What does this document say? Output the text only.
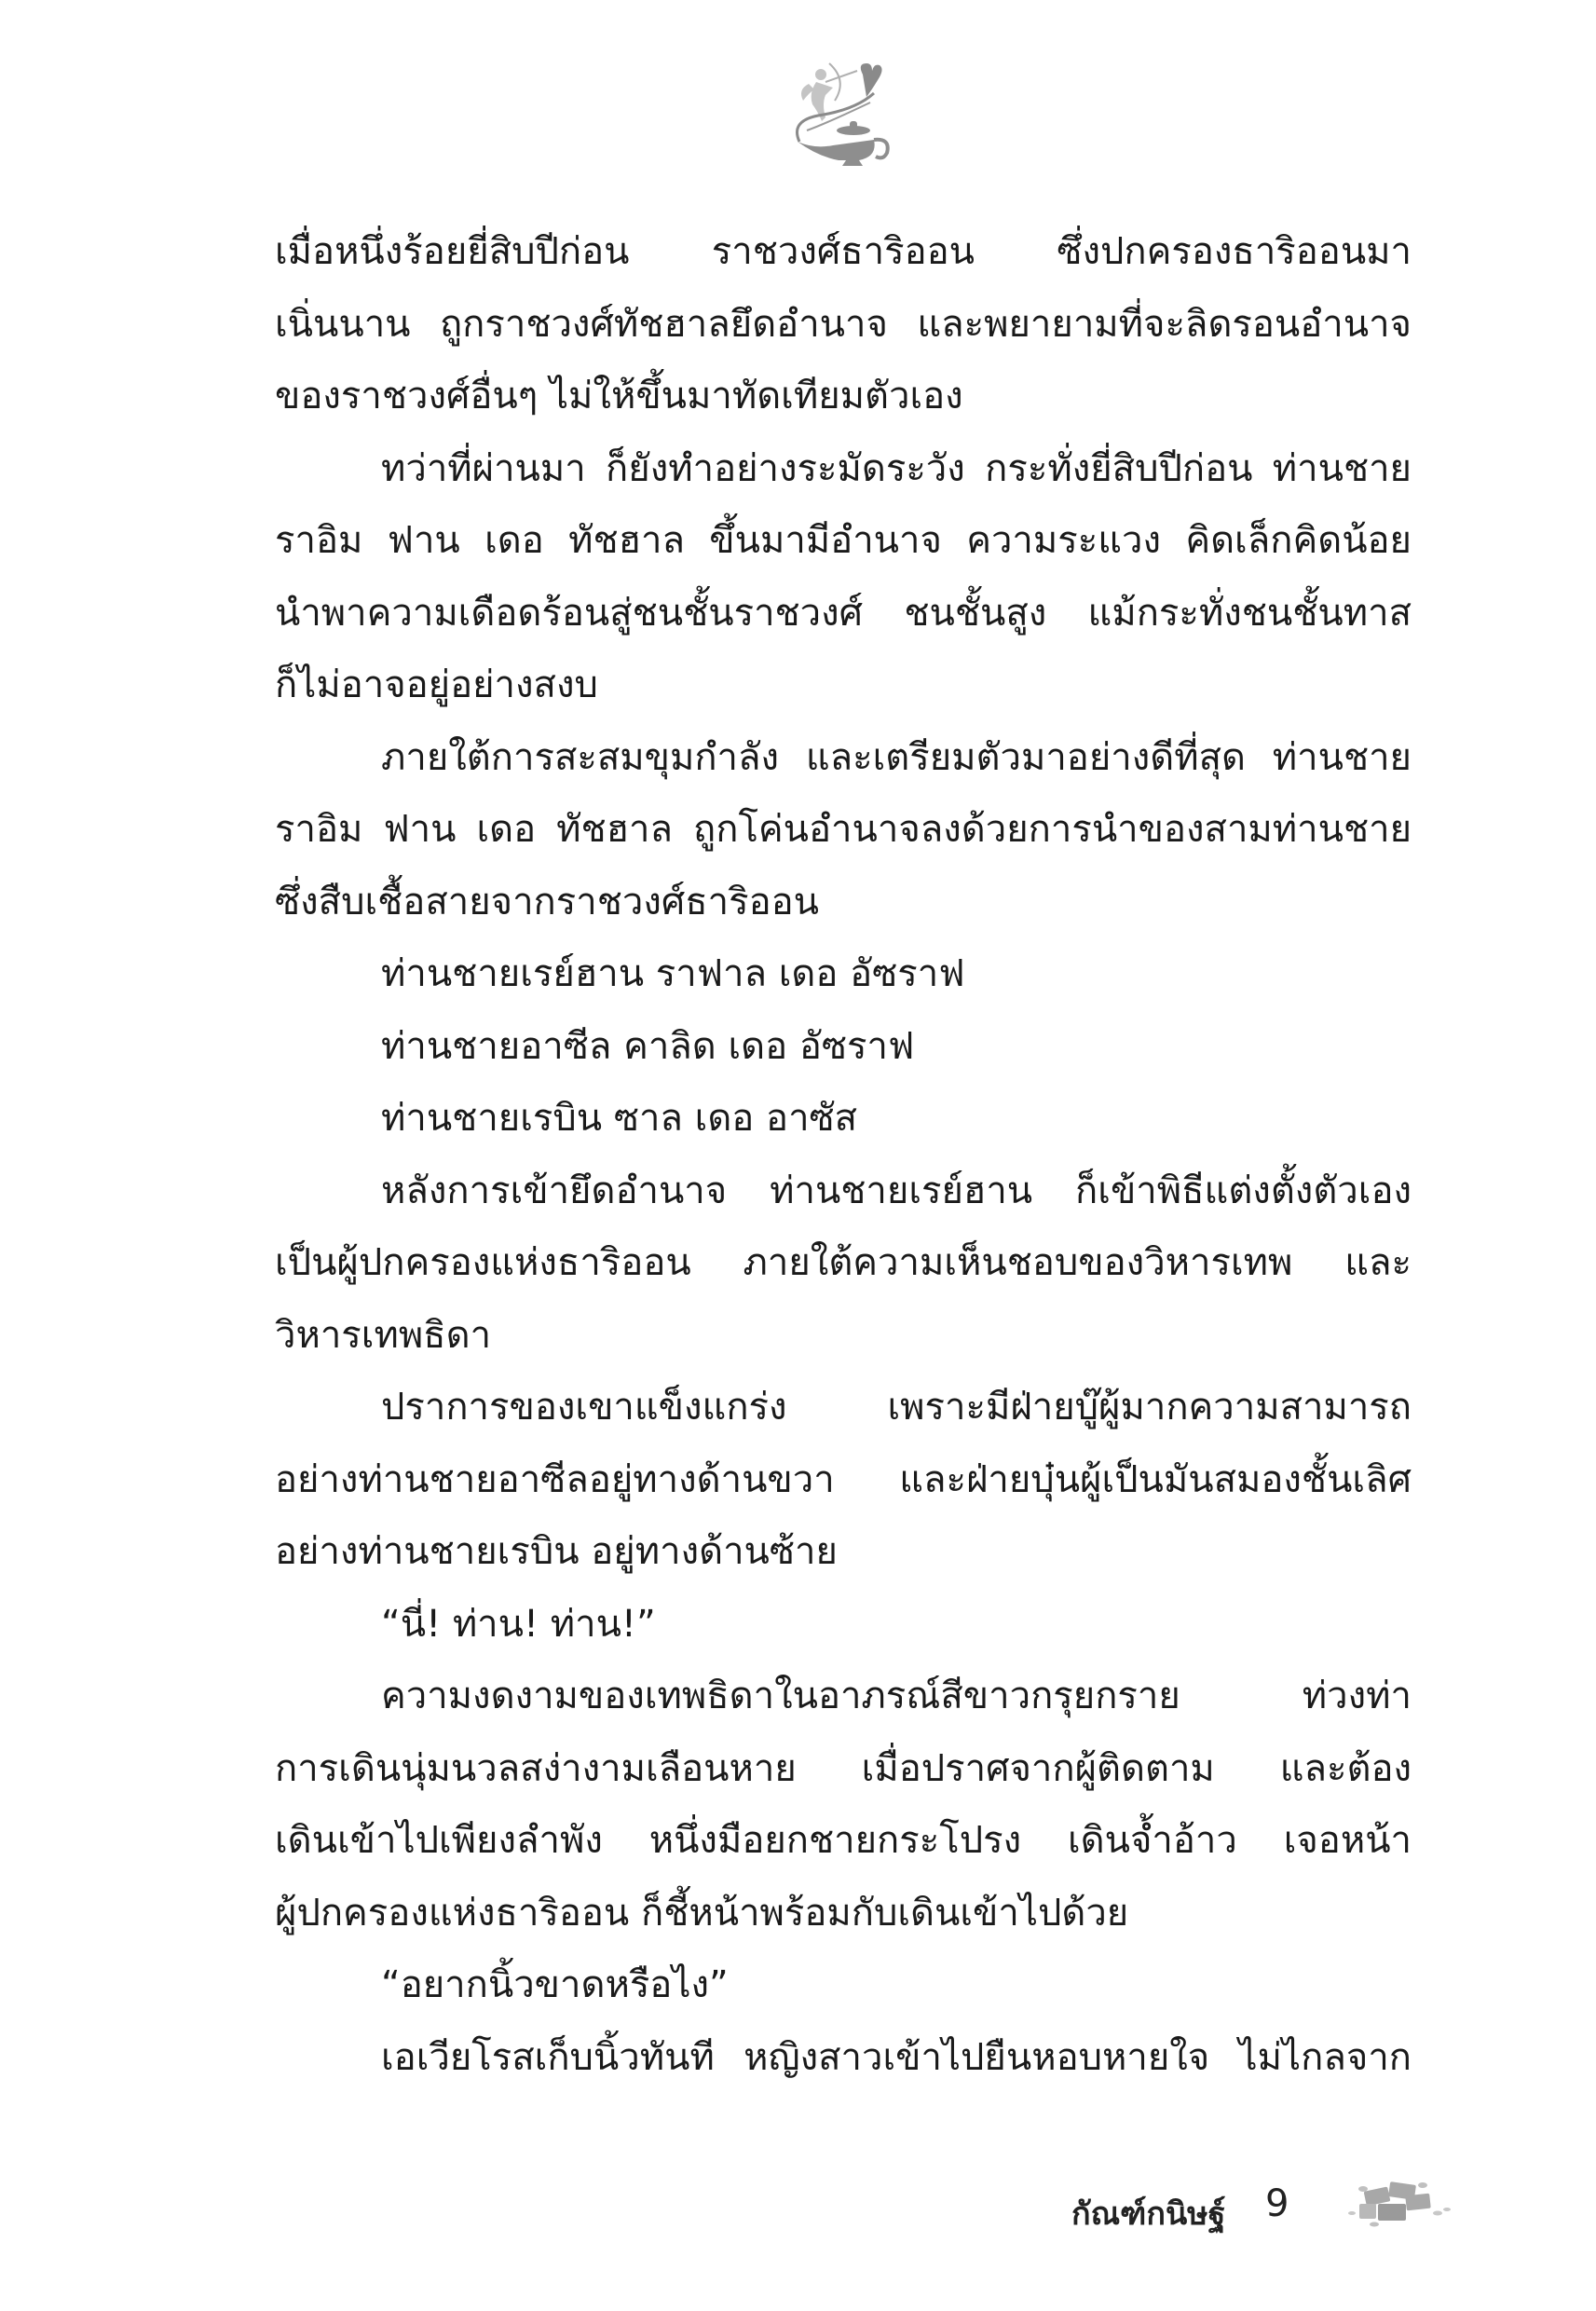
เมื่อหนึ่งร้อยยี่สิบปีก่อน ราชวงศ์ธาริออน ซึ่งปกครองธาริออนมา
เนิ่นนาน ถูกราชวงศ์ทัชฮาลยึดอำนาจ และพยายามที่จะลิดรอนอำนาจ
ของราชวงศ์อื่นๆ ไม่ให้ขึ้นมาทัดเทียมตัวเอง
ทว่าที่ผ่านมา ก็ยังทำอย่างระมัดระวัง กระทั่งยี่สิบปีก่อน ท่านชาย
ราอิม ฟาน เดอ ทัชฮาล ขึ้นมามีอำนาจ ความระแวง คิดเล็กคิดน้อย
นำพาความเดือดร้อนสู่ชนชั้นราชวงศ์ ชนชั้นสูง แม้กระทั่งชนชั้นทาส
ก็ไม่อาจอยู่อย่างสงบ
ภายใต้การสะสมขุมกำลัง และเตรียมตัวมาอย่างดีที่สุด ท่านชาย
ราอิม ฟาน เดอ ทัชฮาล ถูกโค่นอำนาจลงด้วยการนำของสามท่านชาย
ซึ่งสืบเชื้อสายจากราชวงศ์ธาริออน
ท่านชายเรย์ฮาน ราฟาล เดอ อัซราฟ
ท่านชายอาซีล คาลิด เดอ อัซราฟ
ท่านชายเรบิน ซาล เดอ อาซัส
หลังการเข้ายึดอำนาจ ท่านชายเรย์ฮาน ก็เข้าพิธีแต่งตั้งตัวเอง
เป็นผู้ปกครองแห่งธาริออน ภายใต้ความเห็นชอบของวิหารเทพ และ
วิหารเทพธิดา
ปราการของเขาแข็งแกร่ง เพราะมีฝ่ายบู๊ผู้มากความสามารถ
อย่างท่านชายอาซีลอยู่ทางด้านขวา และฝ่ายบุ๋นผู้เป็นมันสมองชั้นเลิศ
อย่างท่านชายเรบิน อยู่ทางด้านซ้าย
“นี่! ท่าน! ท่าน!”
ความงดงามของเทพธิดาในอาภรณ์สีขาวกรุยกราย ท่วงท่า
การเดินนุ่มนวลสง่างามเลือนหาย เมื่อปราศจากผู้ติดตาม และต้อง
เดินเข้าไปเพียงลำพัง หนึ่งมือยกชายกระโปรง เดินจ้ำอ้าว เจอหน้า
ผู้ปกครองแห่งธาริออน ก็ชี้หน้าพร้อมกับเดินเข้าไปด้วย
“อยากนิ้วขาดหรือไง”
เอเวียโรสเก็บนิ้วทันที หญิงสาวเข้าไปยืนหอบหายใจ ไม่ไกลจาก
กัณฑ์กนิษฐ์ 9
